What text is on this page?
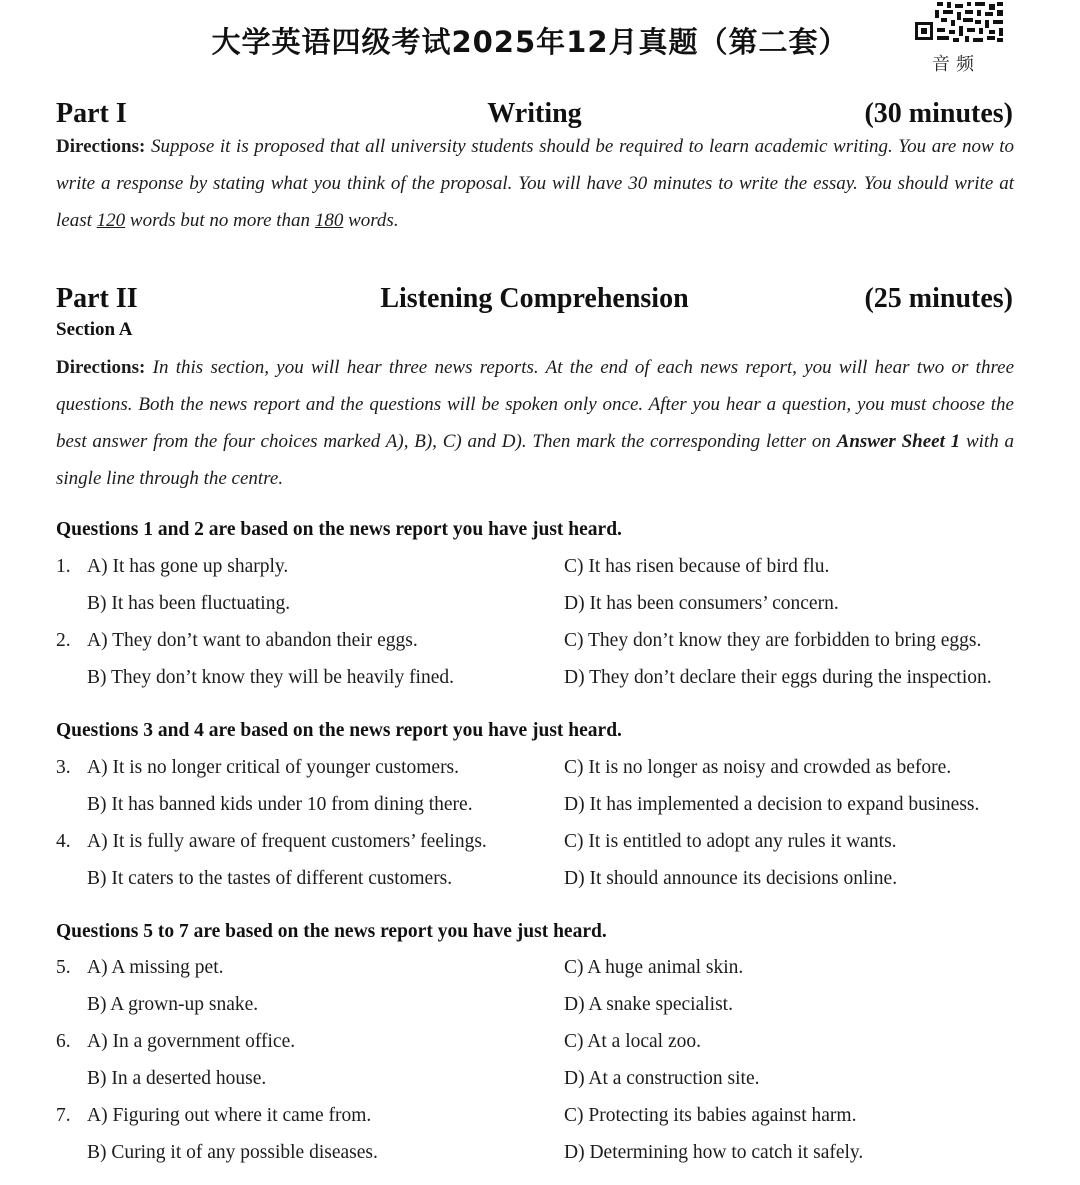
大学英语四级考试2025年12月真题（第二套）
音频
Part I	Writing	(30 minutes)
Directions: Suppose it is proposed that all university students should be required to learn academic writing. You are now to write a response by stating what you think of the proposal. You will have 30 minutes to write the essay. You should write at least 120 words but no more than 180 words.
Part II	Listening Comprehension	(25 minutes)
Section A
Directions: In this section, you will hear three news reports. At the end of each news report, you will hear two or three questions. Both the news report and the questions will be spoken only once. After you hear a question, you must choose the best answer from the four choices marked A), B), C) and D). Then mark the corresponding letter on Answer Sheet 1 with a single line through the centre.
Questions 1 and 2 are based on the news report you have just heard.
1. A) It has gone up sharply.	C) It has risen because of bird flu.
B) It has been fluctuating.	D) It has been consumers’ concern.
2. A) They don’t want to abandon their eggs.	C) They don’t know they are forbidden to bring eggs.
B) They don’t know they will be heavily fined.	D) They don’t declare their eggs during the inspection.
Questions 3 and 4 are based on the news report you have just heard.
3. A) It is no longer critical of younger customers.	C) It is no longer as noisy and crowded as before.
B) It has banned kids under 10 from dining there.	D) It has implemented a decision to expand business.
4. A) It is fully aware of frequent customers’ feelings.	C) It is entitled to adopt any rules it wants.
B) It caters to the tastes of different customers.	D) It should announce its decisions online.
Questions 5 to 7 are based on the news report you have just heard.
5. A) A missing pet.	C) A huge animal skin.
B) A grown-up snake.	D) A snake specialist.
6. A) In a government office.	C) At a local zoo.
B) In a deserted house.	D) At a construction site.
7. A) Figuring out where it came from.	C) Protecting its babies against harm.
B) Curing it of any possible diseases.	D) Determining how to catch it safely.
